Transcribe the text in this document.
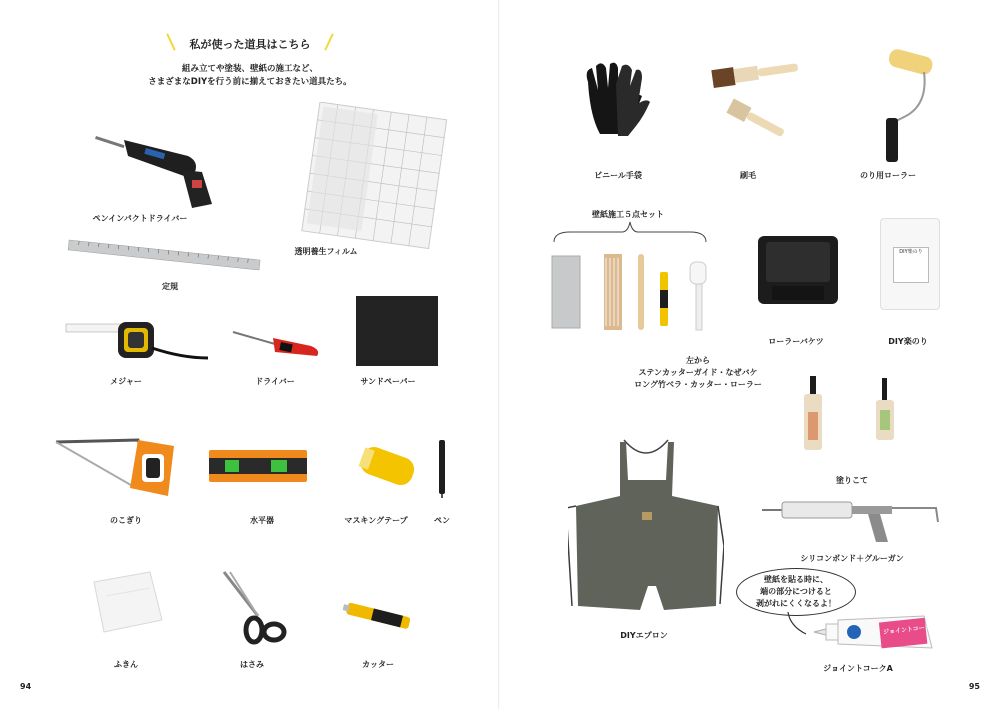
私が使った道具はこちら
組み立てや塗装、壁紙の施工など、
さまざまなDIYを行う前に揃えておきたい道具たち。
ペンインパクトドライバー
透明養生フィルム
定規
メジャー	ドライバー	サンドペーパー
のこぎり	水平器	マスキングテープ	ペン
ふきん	はさみ	カッター
94
ビニール手袋	刷毛	のり用ローラー
壁紙施工５点セット
左から
ステンカッターガイド・なぜバケ
ロング竹ベラ・カッター・ローラー
ローラーバケツ
DIY楽のり
DIY楽のり
塗りこて
シリコンボンド＋グルーガン
壁紙を貼る時に、
端の部分につけると
剥がれにくくなるよ！
ジョイントコーク・A
ジョイントコークA
DIYエプロン
95
